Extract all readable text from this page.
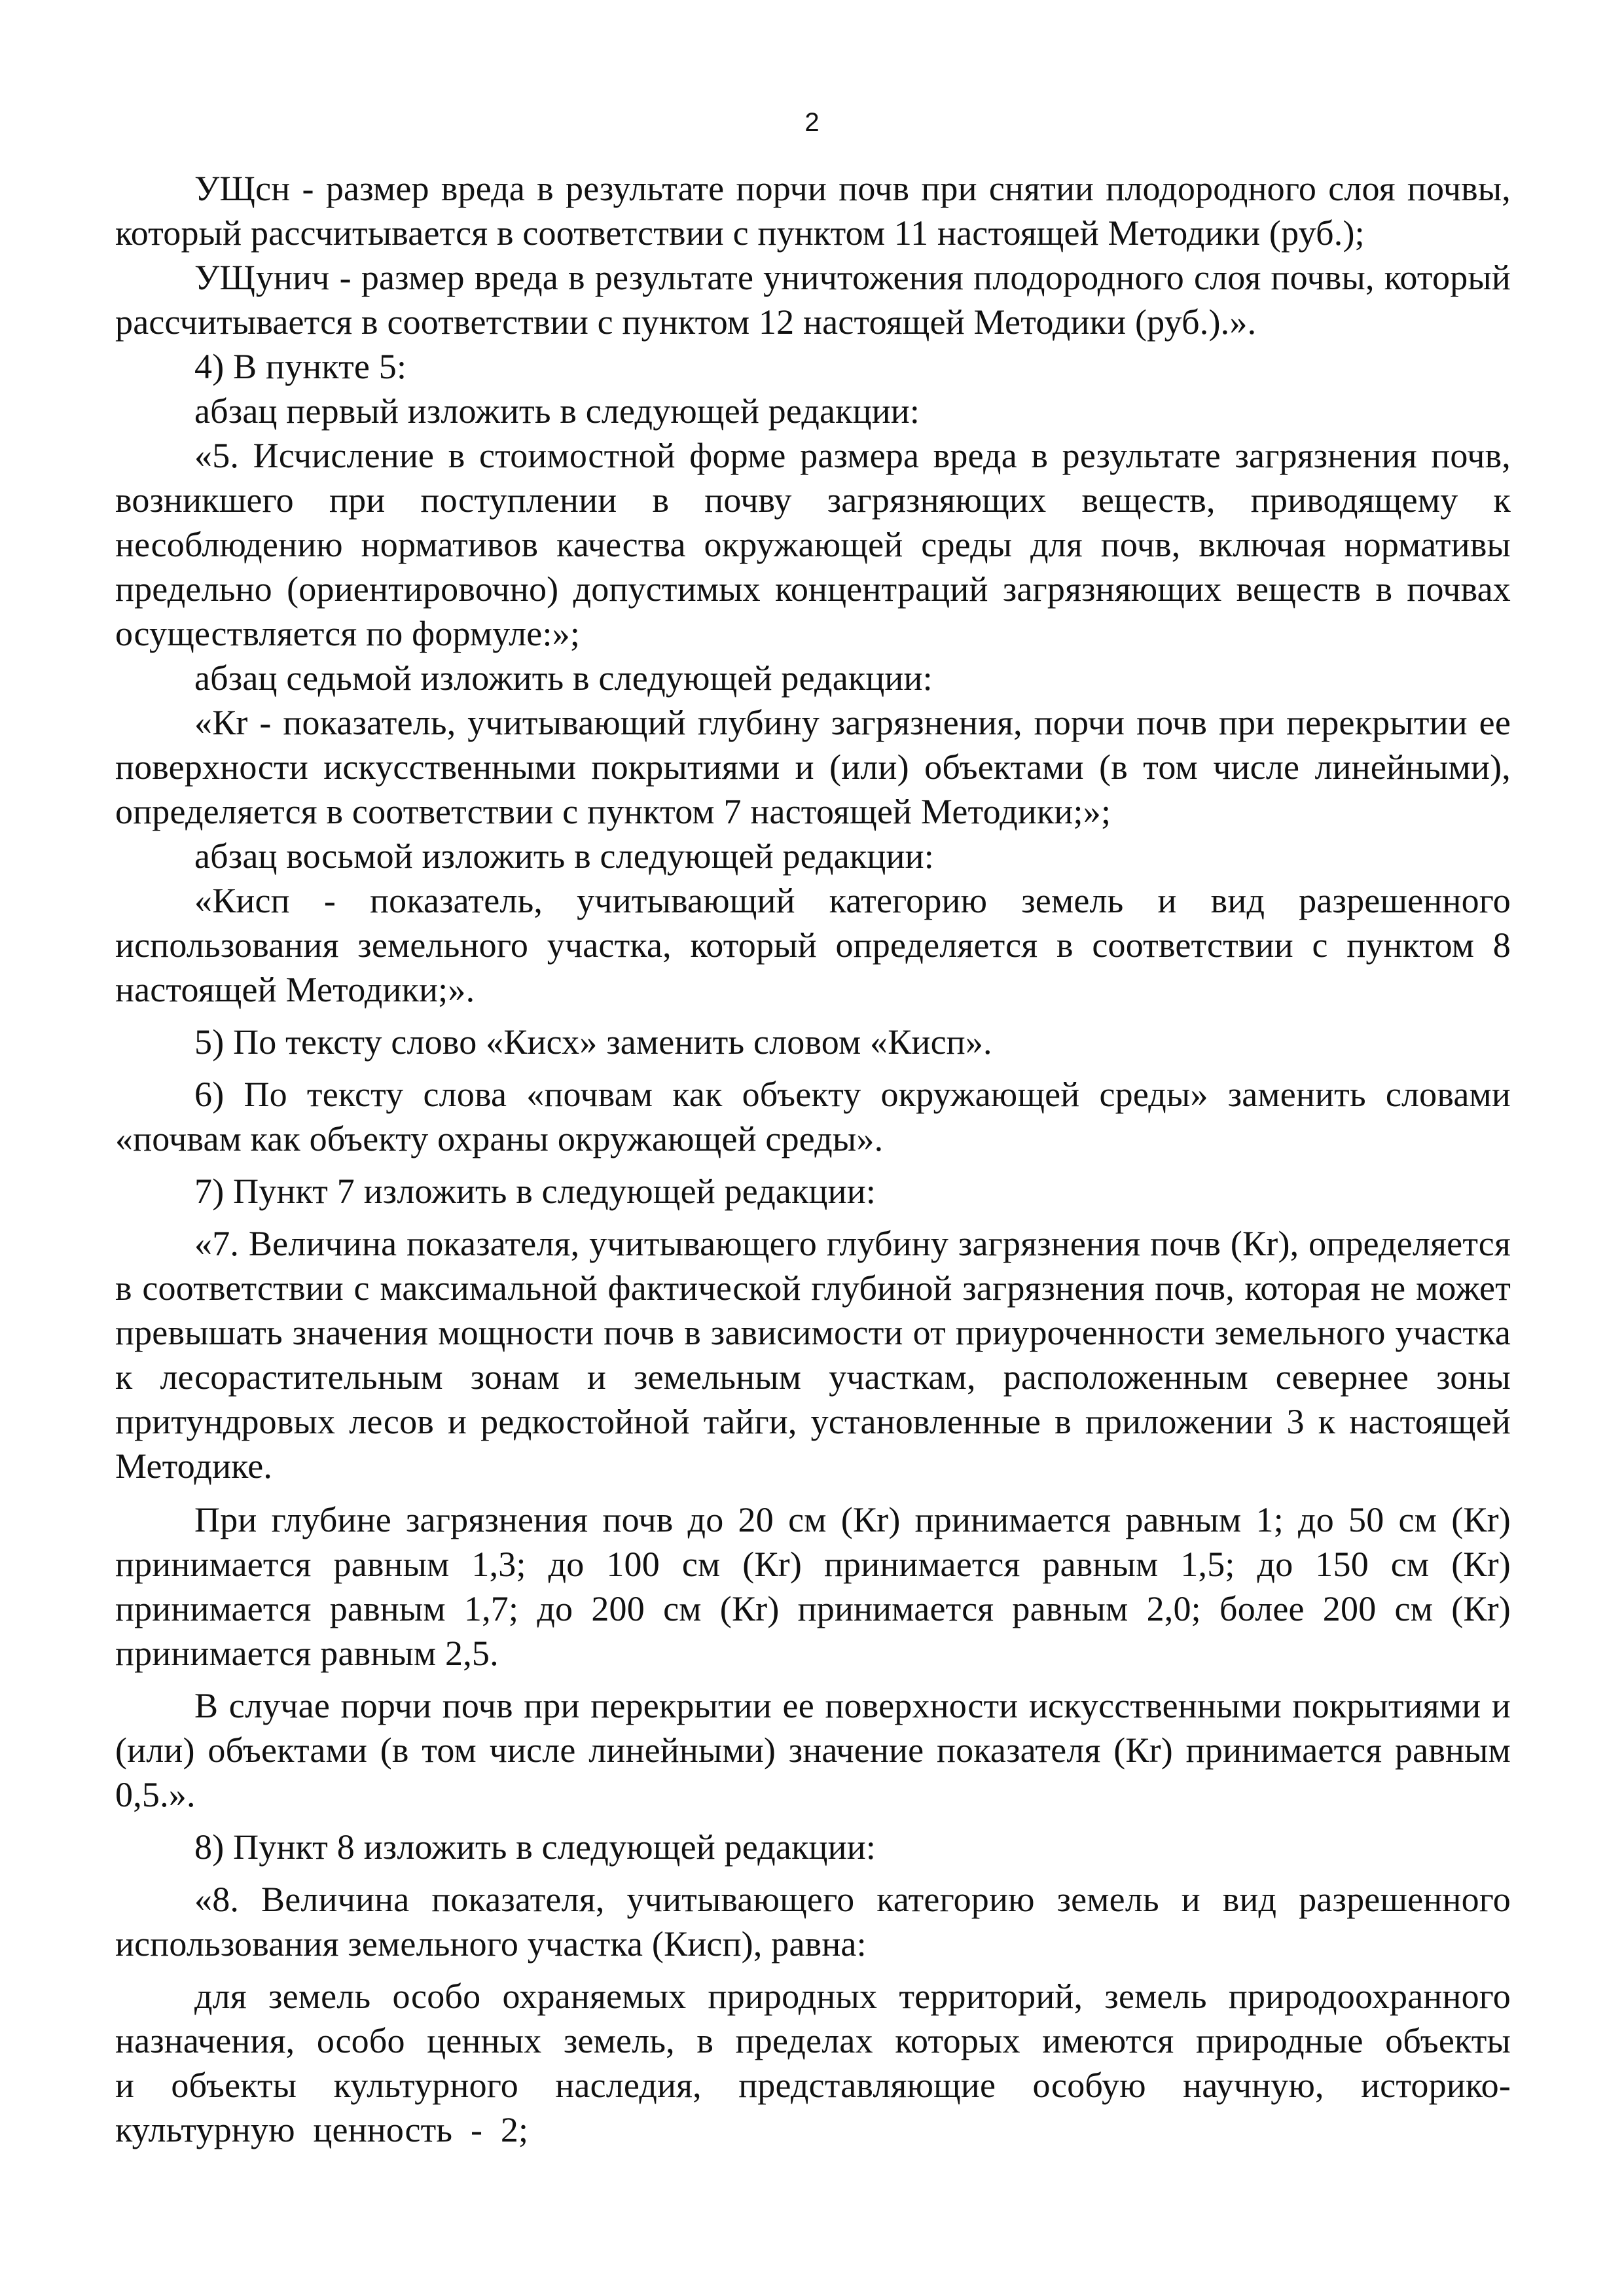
2

УЩсн - размер вреда в результате порчи почв при снятии плодородного слоя почвы, который рассчитывается в соответствии с пунктом 11 настоящей Методики (руб.);

УЩунич - размер вреда в результате уничтожения плодородного слоя почвы, который рассчитывается в соответствии с пунктом 12 настоящей Методики (руб.).».

4) В пункте 5:

абзац первый изложить в следующей редакции:

«5. Исчисление в стоимостной форме размера вреда в результате загрязнения почв, возникшего при поступлении в почву загрязняющих веществ, приводящему к несоблюдению нормативов качества окружающей среды для почв, включая нормативы предельно (ориентировочно) допустимых концентраций загрязняющих веществ в почвах осуществляется по формуле:»;

абзац седьмой изложить в следующей редакции:

«Кr - показатель, учитывающий глубину загрязнения, порчи почв при перекрытии ее поверхности искусственными покрытиями и (или) объектами (в том числе линейными), определяется в соответствии с пунктом 7 настоящей Методики;»;

абзац восьмой изложить в следующей редакции:

«Кисп - показатель, учитывающий категорию земель и вид разрешенного использования земельного участка, который определяется в соответствии с пунктом 8 настоящей Методики;».

5) По тексту слово «Кисх» заменить словом «Кисп».

6) По тексту слова «почвам как объекту окружающей среды» заменить словами «почвам как объекту охраны окружающей среды».

7) Пункт 7 изложить в следующей редакции:

«7. Величина показателя, учитывающего глубину загрязнения почв (Кr), определяется в соответствии с максимальной фактической глубиной загрязнения почв, которая не может превышать значения мощности почв в зависимости от приуроченности земельного участка к лесорастительным зонам и земельным участкам, расположенным севернее зоны притундровых лесов и редкостойной тайги, установленные в приложении 3 к настоящей Методике.

При глубине загрязнения почв до 20 см (Кr) принимается равным 1; до 50 см (Кr) принимается равным 1,3; до 100 см (Кr) принимается равным 1,5; до 150 см (Кr) принимается равным 1,7; до 200 см (Кr) принимается равным 2,0; более 200 см (Кr) принимается равным 2,5.

В случае порчи почв при перекрытии ее поверхности искусственными покрытиями и (или) объектами (в том числе линейными) значение показателя (Кr) принимается равным 0,5.».

8) Пункт 8 изложить в следующей редакции:

«8. Величина показателя, учитывающего категорию земель и вид разрешенного использования земельного участка (Кисп), равна:

для земель особо охраняемых природных территорий, земель природоохранного назначения, особо ценных земель, в пределах которых имеются природные объекты и объекты культурного наследия, представляющие особую научную, историко-культурную ценность - 2;
